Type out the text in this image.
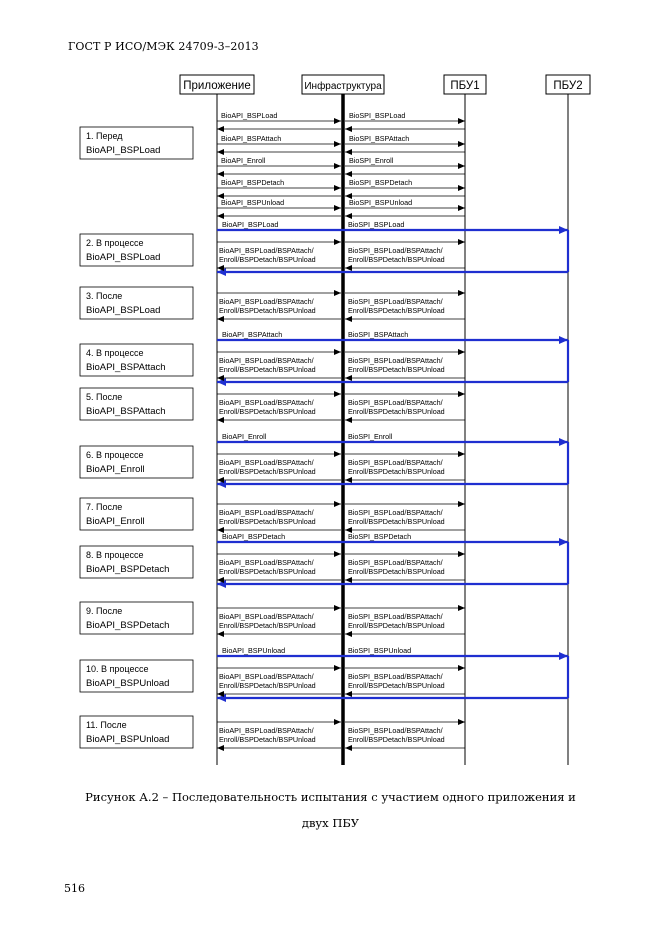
ГОСТ Р ИСО/МЭК 24709-3–2013
BioAPI_BSPLoad	BioSPI_BSPLoad
BioAPI_BSPAttach	BioSPI_BSPAttach
BioAPI_Enroll	BioSPI_Enroll
BioAPI_BSPDetach	BioSPI_BSPDetach
BioAPI_BSPUnload	BioSPI_BSPUnload
1. Перед
BioAPI_BSPLoad
2. В процессе
BioAPI_BSPLoad
BioAPI_BSPLoad	BioSPI_BSPLoad
BioAPI_BSPLoad/BSPAttach/
Enroll/BSPDetach/BSPUnload
BioSPI_BSPLoad/BSPAttach/
Enroll/BSPDetach/BSPUnload
3. После
BioAPI_BSPLoad
BioAPI_BSPLoad/BSPAttach/
Enroll/BSPDetach/BSPUnload
BioSPI_BSPLoad/BSPAttach/
Enroll/BSPDetach/BSPUnload
4. В процессе
BioAPI_BSPAttach
BioAPI_BSPAttach	BioSPI_BSPAttach
BioAPI_BSPLoad/BSPAttach/
Enroll/BSPDetach/BSPUnload
BioSPI_BSPLoad/BSPAttach/
Enroll/BSPDetach/BSPUnload
5. После
BioAPI_BSPAttach
BioAPI_BSPLoad/BSPAttach/
Enroll/BSPDetach/BSPUnload
BioSPI_BSPLoad/BSPAttach/
Enroll/BSPDetach/BSPUnload
6. В процессе
BioAPI_Enroll
BioAPI_Enroll	BioSPI_Enroll
BioAPI_BSPLoad/BSPAttach/
Enroll/BSPDetach/BSPUnload
BioSPI_BSPLoad/BSPAttach/
Enroll/BSPDetach/BSPUnload
7. После
BioAPI_Enroll
BioAPI_BSPLoad/BSPAttach/
Enroll/BSPDetach/BSPUnload
BioSPI_BSPLoad/BSPAttach/
Enroll/BSPDetach/BSPUnload
8. В процессе
BioAPI_BSPDetach
BioAPI_BSPDetach	BioSPI_BSPDetach
BioAPI_BSPLoad/BSPAttach/
Enroll/BSPDetach/BSPUnload
BioSPI_BSPLoad/BSPAttach/
Enroll/BSPDetach/BSPUnload
9. После
BioAPI_BSPDetach
BioAPI_BSPLoad/BSPAttach/
Enroll/BSPDetach/BSPUnload
BioSPI_BSPLoad/BSPAttach/
Enroll/BSPDetach/BSPUnload
10. В процессе
BioAPI_BSPUnload
BioAPI_BSPUnload	BioSPI_BSPUnload
BioAPI_BSPLoad/BSPAttach/
Enroll/BSPDetach/BSPUnload
BioSPI_BSPLoad/BSPAttach/
Enroll/BSPDetach/BSPUnload
11. После
BioAPI_BSPUnload
BioAPI_BSPLoad/BSPAttach/
Enroll/BSPDetach/BSPUnload
BioSPI_BSPLoad/BSPAttach/
Enroll/BSPDetach/BSPUnload
Приложение	Инфраструктура	ПБУ1	ПБУ2
Рисунок А.2 – Последовательность испытания с участием одного приложения и
двух ПБУ
516
